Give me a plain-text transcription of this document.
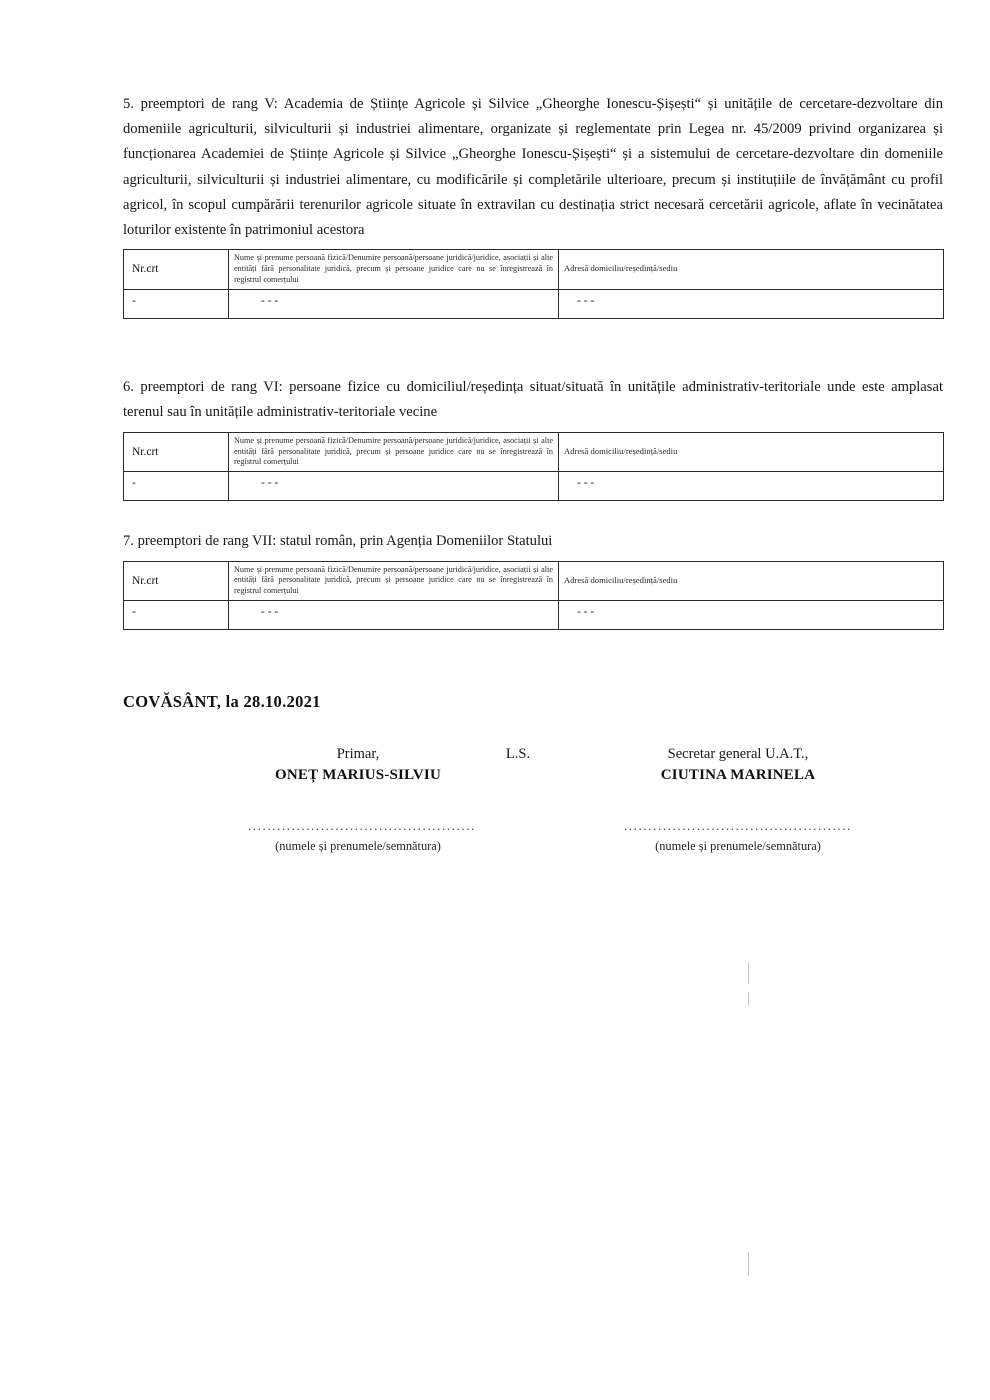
5. preemptori de rang V: Academia de Științe Agricole și Silvice „Gheorghe Ionescu-Șișești“ și unitățile de cercetare-dezvoltare din domeniile agriculturii, silviculturii și industriei alimentare, organizate și reglementate prin Legea nr. 45/2009 privind organizarea și funcționarea Academiei de Științe Agricole și Silvice „Gheorghe Ionescu-Șișești“ și a sistemului de cercetare-dezvoltare din domeniile agriculturii, silviculturii și industriei alimentare, cu modificările și completările ulterioare, precum și instituțiile de învățământ cu profil agricol, în scopul cumpărării terenurilor agricole situate în extravilan cu destinația strict necesară cercetării agricole, aflate în vecinătatea loturilor existente în patrimoniul acestora

Nr.crt	Nume și prenume persoană fizică/Denumire persoană/persoane juridică/juridice, asociații și alte entități fără personalitate juridică, precum și persoane juridice care nu se înregistrează în registrul comerțului	Adresă domiciliu/reședință/sediu
-	- - -	- - -

6. preemptori de rang VI: persoane fizice cu domiciliul/reședința situat/situată în unitățile administrativ-teritoriale unde este amplasat terenul sau în unitățile administrativ-teritoriale vecine

Nr.crt	Nume și prenume persoană fizică/Denumire persoană/persoane juridică/juridice, asociații și alte entități fără personalitate juridică, precum și persoane juridice care nu se înregistrează în registrul comerțului	Adresă domiciliu/reședință/sediu
-	- - -	- - -

7. preemptori de rang VII: statul român, prin Agenția Domeniilor Statului

Nr.crt	Nume și prenume persoană fizică/Denumire persoană/persoane juridică/juridice, asociații și alte entități fără personalitate juridică, precum și persoane juridice care nu se înregistrează în registrul comerțului	Adresă domiciliu/reședință/sediu
-	- - -	- - -
COVĂSÂNT, la 28.10.2021
Primar,
ONEȚ MARIUS-SILVIU
...............................................
(numele și prenumele/semnătura)
L.S.	Secretar general U.A.T.,
CIUTINA MARINELA
...............................................
(numele și prenumele/semnătura)
